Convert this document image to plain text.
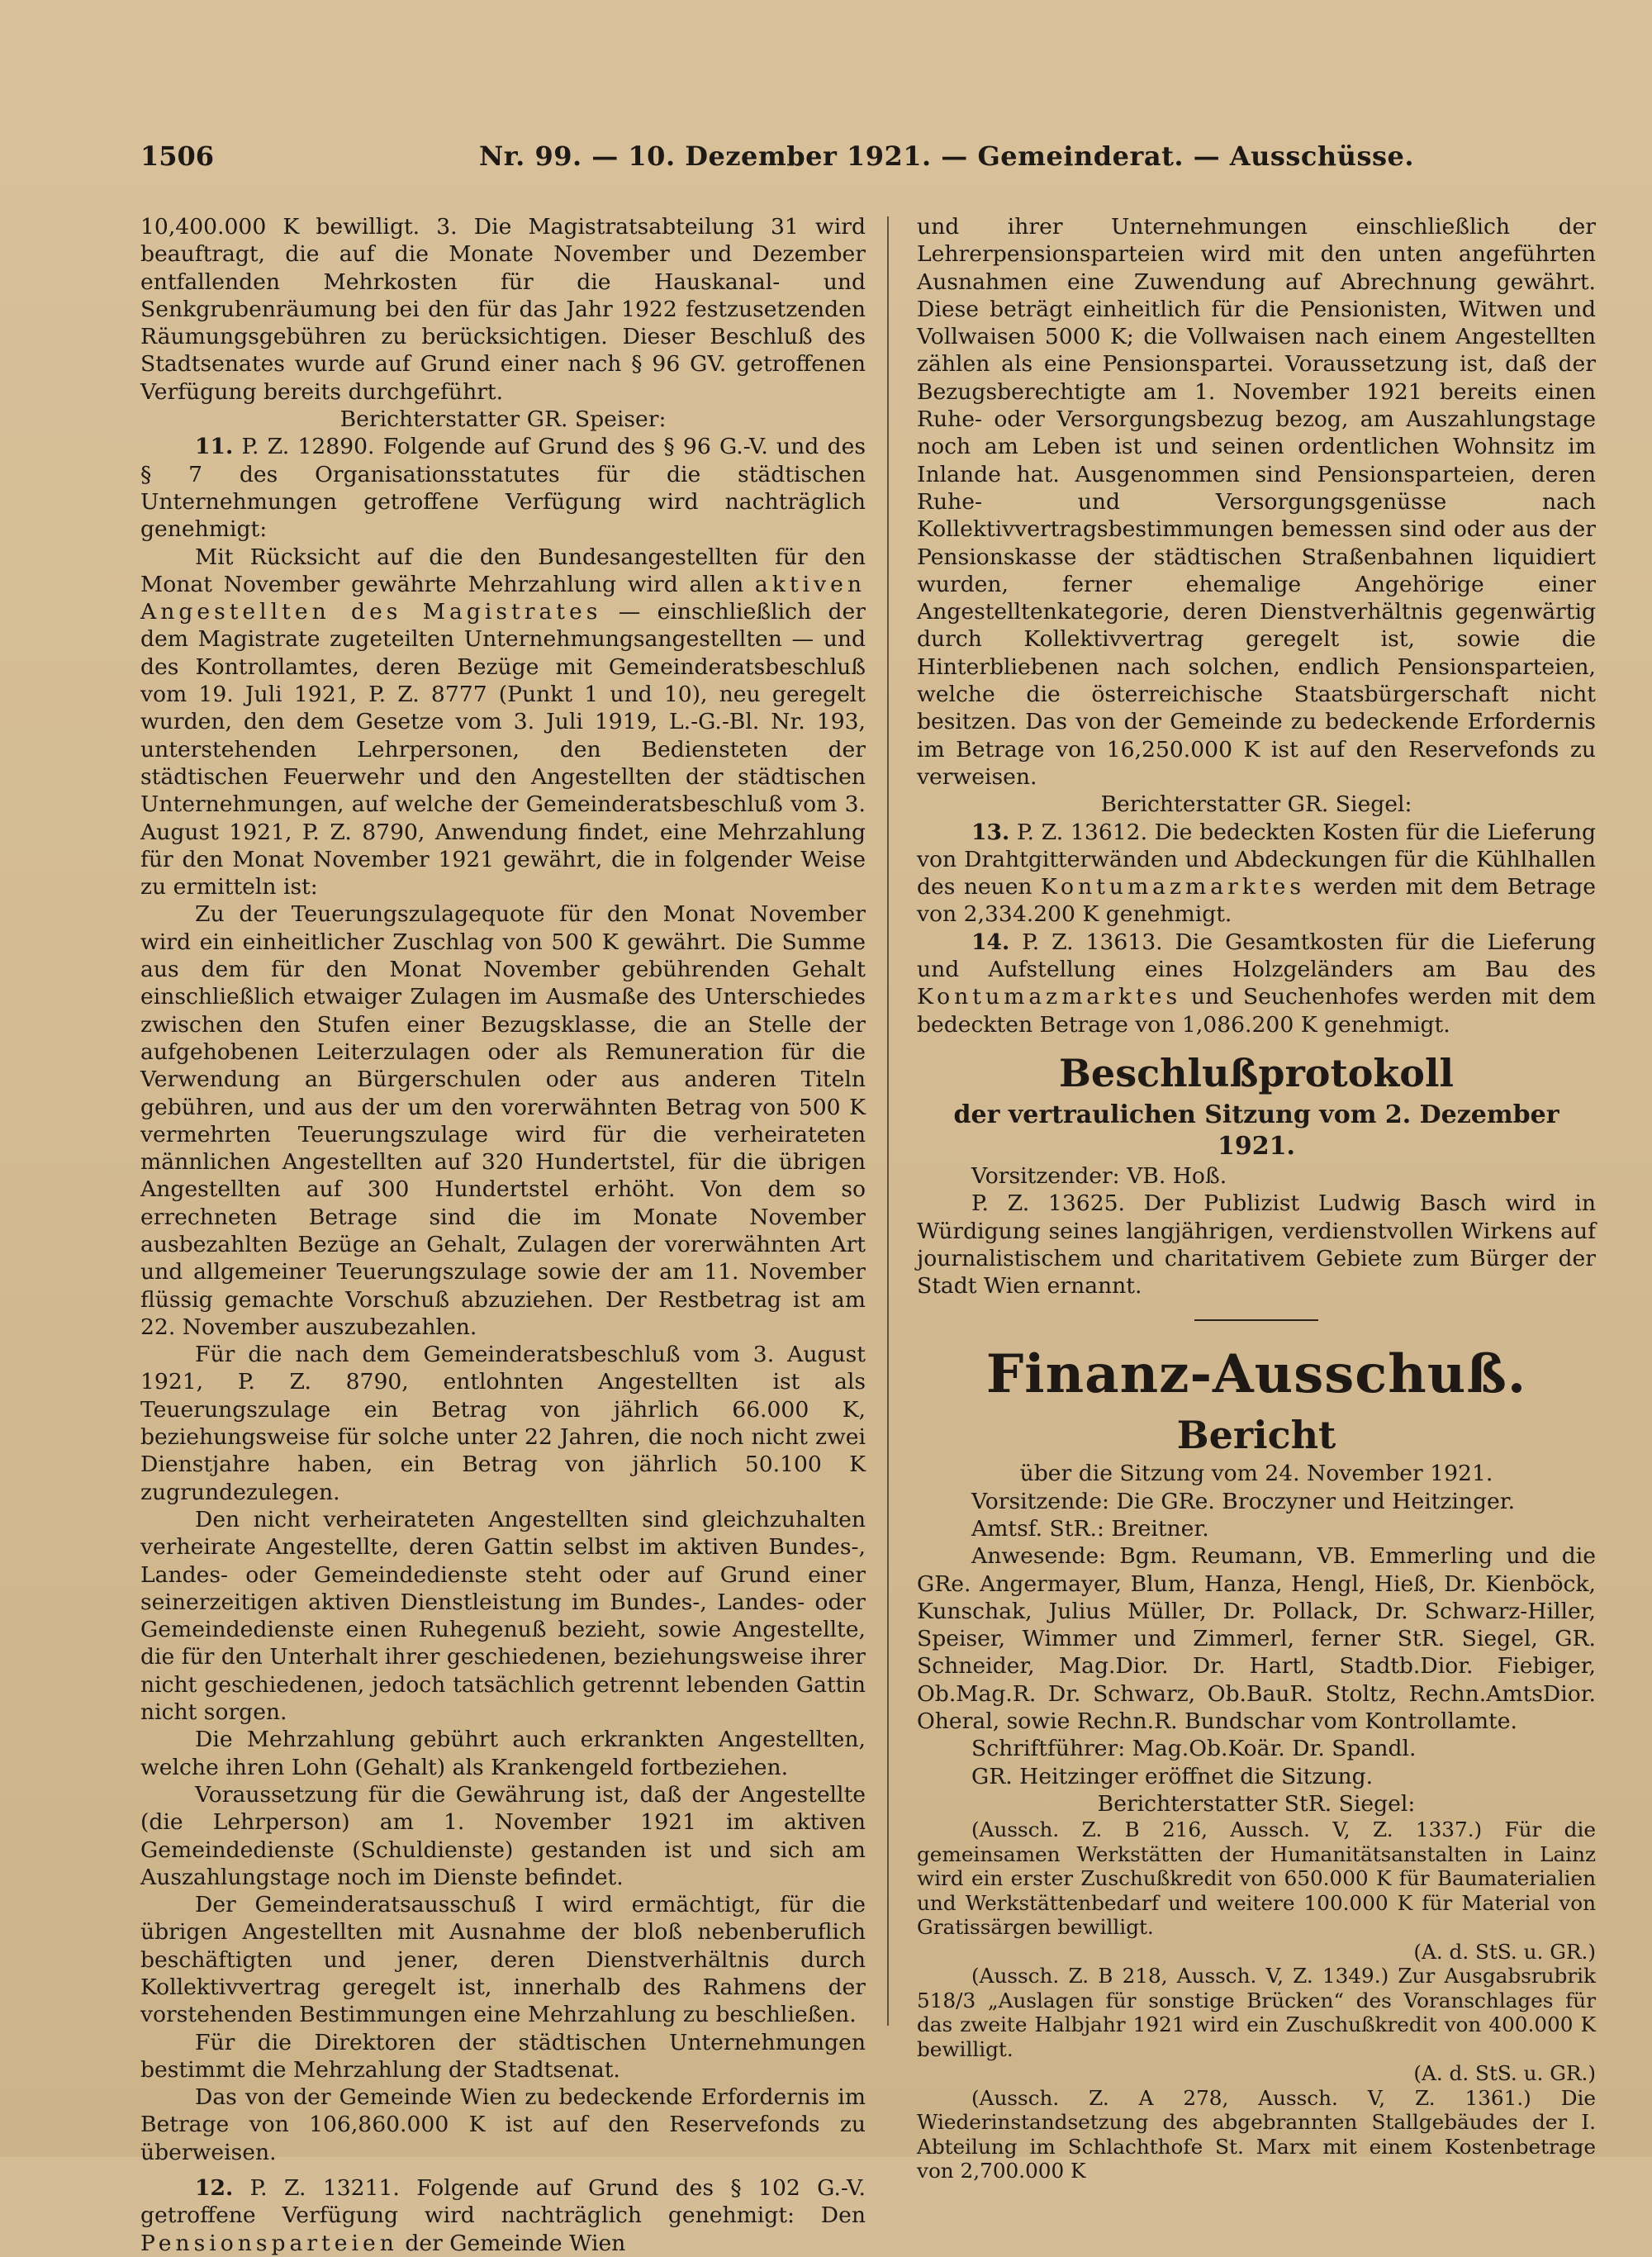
1506	Nr. 99. — 10. Dezember 1921. — Gemeinderat. — Ausschüsse.

10,400.000 K bewilligt. 3. Die Magistratsabteilung 31 wird beauftragt, die auf die Monate November und Dezember entfallenden Mehrkosten für die Hauskanal- und Senkgrubenräumung bei den für das Jahr 1922 festzusetzenden Räumungsgebühren zu berücksichtigen. Dieser Beschluß des Stadtsenates wurde auf Grund einer nach § 96 GV. getroffenen Verfügung bereits durchgeführt.

Berichterstatter GR. Speiser:

11. P. Z. 12890. Folgende auf Grund des § 96 G.-V. und des § 7 des Organisationsstatutes für die städtischen Unternehmungen getroffene Verfügung wird nachträglich genehmigt:

Mit Rücksicht auf die den Bundesangestellten für den Monat November gewährte Mehrzahlung wird allen aktiven Angestellten des Magistrates — einschließlich der dem Magistrate zugeteilten Unternehmungsangestellten — und des Kontrollamtes, deren Bezüge mit Gemeinderatsbeschluß vom 19. Juli 1921, P. Z. 8777 (Punkt 1 und 10), neu geregelt wurden, den dem Gesetze vom 3. Juli 1919, L.-G.-Bl. Nr. 193, unterstehenden Lehrpersonen, den Bediensteten der städtischen Feuerwehr und den Angestellten der städtischen Unternehmungen, auf welche der Gemeinderatsbeschluß vom 3. August 1921, P. Z. 8790, Anwendung findet, eine Mehrzahlung für den Monat November 1921 gewährt, die in folgender Weise zu ermitteln ist:

Zu der Teuerungszulagequote für den Monat November wird ein einheitlicher Zuschlag von 500 K gewährt. Die Summe aus dem für den Monat November gebührenden Gehalt einschließlich etwaiger Zulagen im Ausmaße des Unterschiedes zwischen den Stufen einer Bezugsklasse, die an Stelle der aufgehobenen Leiterzulagen oder als Remuneration für die Verwendung an Bürgerschulen oder aus anderen Titeln gebühren, und aus der um den vorerwähnten Betrag von 500 K vermehrten Teuerungszulage wird für die verheirateten männlichen Angestellten auf 320 Hundertstel, für die übrigen Angestellten auf 300 Hundertstel erhöht. Von dem so errechneten Betrage sind die im Monate November ausbezahlten Bezüge an Gehalt, Zulagen der vorerwähnten Art und allgemeiner Teuerungszulage sowie der am 11. November flüssig gemachte Vorschuß abzuziehen. Der Restbetrag ist am 22. November auszubezahlen.

Für die nach dem Gemeinderatsbeschluß vom 3. August 1921, P. Z. 8790, entlohnten Angestellten ist als Teuerungszulage ein Betrag von jährlich 66.000 K, beziehungsweise für solche unter 22 Jahren, die noch nicht zwei Dienstjahre haben, ein Betrag von jährlich 50.100 K zugrundezulegen.

Den nicht verheirateten Angestellten sind gleichzuhalten verheirate Angestellte, deren Gattin selbst im aktiven Bundes-, Landes- oder Gemeindedienste steht oder auf Grund einer seinerzeitigen aktiven Dienstleistung im Bundes-, Landes- oder Gemeindedienste einen Ruhegenuß bezieht, sowie Angestellte, die für den Unterhalt ihrer geschiedenen, beziehungsweise ihrer nicht geschiedenen, jedoch tatsächlich getrennt lebenden Gattin nicht sorgen.

Die Mehrzahlung gebührt auch erkrankten Angestellten, welche ihren Lohn (Gehalt) als Krankengeld fortbeziehen.

Voraussetzung für die Gewährung ist, daß der Angestellte (die Lehrperson) am 1. November 1921 im aktiven Gemeindedienste (Schuldienste) gestanden ist und sich am Auszahlungstage noch im Dienste befindet.

Der Gemeinderatsausschuß I wird ermächtigt, für die übrigen Angestellten mit Ausnahme der bloß nebenberuflich beschäftigten und jener, deren Dienstverhältnis durch Kollektivvertrag geregelt ist, innerhalb des Rahmens der vorstehenden Bestimmungen eine Mehrzahlung zu beschließen.

Für die Direktoren der städtischen Unternehmungen bestimmt die Mehrzahlung der Stadtsenat.

Das von der Gemeinde Wien zu bedeckende Erfordernis im Betrage von 106,860.000 K ist auf den Reservefonds zu überweisen.

12. P. Z. 13211. Folgende auf Grund des § 102 G.-V. getroffene Verfügung wird nachträglich genehmigt: Den Pensionsparteien der Gemeinde Wien

und ihrer Unternehmungen einschließlich der Lehrerpensionsparteien wird mit den unten angeführten Ausnahmen eine Zuwendung auf Abrechnung gewährt. Diese beträgt einheitlich für die Pensionisten, Witwen und Vollwaisen 5000 K; die Vollwaisen nach einem Angestellten zählen als eine Pensionspartei. Voraussetzung ist, daß der Bezugsberechtigte am 1. November 1921 bereits einen Ruhe- oder Versorgungsbezug bezog, am Auszahlungstage noch am Leben ist und seinen ordentlichen Wohnsitz im Inlande hat. Ausgenommen sind Pensionsparteien, deren Ruhe- und Versorgungsgenüsse nach Kollektivvertragsbestimmungen bemessen sind oder aus der Pensionskasse der städtischen Straßenbahnen liquidiert wurden, ferner ehemalige Angehörige einer Angestelltenkategorie, deren Dienstverhältnis gegenwärtig durch Kollektivvertrag geregelt ist, sowie die Hinterbliebenen nach solchen, endlich Pensionsparteien, welche die österreichische Staatsbürgerschaft nicht besitzen. Das von der Gemeinde zu bedeckende Erfordernis im Betrage von 16,250.000 K ist auf den Reservefonds zu verweisen.

Berichterstatter GR. Siegel:

13. P. Z. 13612. Die bedeckten Kosten für die Lieferung von Drahtgitterwänden und Abdeckungen für die Kühlhallen des neuen Kontumazmarktes werden mit dem Betrage von 2,334.200 K genehmigt.

14. P. Z. 13613. Die Gesamtkosten für die Lieferung und Aufstellung eines Holzgeländers am Bau des Kontumazmarktes und Seuchenhofes werden mit dem bedeckten Betrage von 1,086.200 K genehmigt.

Beschlußprotokoll

der vertraulichen Sitzung vom 2. Dezember 1921.

Vorsitzender: VB. Hoß.

P. Z. 13625. Der Publizist Ludwig Basch wird in Würdigung seines langjährigen, verdienstvollen Wirkens auf journalistischem und charitativem Gebiete zum Bürger der Stadt Wien ernannt.

Finanz-Ausschuß.

Bericht

über die Sitzung vom 24. November 1921.

Vorsitzende: Die GRe. Broczyner und Heitzinger.

Amtsf. StR.: Breitner.

Anwesende: Bgm. Reumann, VB. Emmerling und die GRe. Angermayer, Blum, Hanza, Hengl, Hieß, Dr. Kienböck, Kunschak, Julius Müller, Dr. Pollack, Dr. Schwarz-Hiller, Speiser, Wimmer und Zimmerl, ferner StR. Siegel, GR. Schneider, Mag.Dior. Dr. Hartl, Stadtb.Dior. Fiebiger, Ob.Mag.R. Dr. Schwarz, Ob.BauR. Stoltz, Rechn.AmtsDior. Oheral, sowie Rechn.R. Bundschar vom Kontrollamte.

Schriftführer: Mag.Ob.Koär. Dr. Spandl.

GR. Heitzinger eröffnet die Sitzung.

Berichterstatter StR. Siegel:

(Aussch. Z. B 216, Aussch. V, Z. 1337.) Für die gemeinsamen Werkstätten der Humanitätsanstalten in Lainz wird ein erster Zuschußkredit von 650.000 K für Baumaterialien und Werkstättenbedarf und weitere 100.000 K für Material von Gratissärgen bewilligt.

(A. d. StS. u. GR.)

(Aussch. Z. B 218, Aussch. V, Z. 1349.) Zur Ausgabsrubrik 518/3 „Auslagen für sonstige Brücken“ des Voranschlages für das zweite Halbjahr 1921 wird ein Zuschußkredit von 400.000 K bewilligt.

(A. d. StS. u. GR.)

(Aussch. Z. A 278, Aussch. V, Z. 1361.) Die Wiederinstandsetzung des abgebrannten Stallgebäudes der I. Abteilung im Schlachthofe St. Marx mit einem Kostenbetrage von 2,700.000 K
